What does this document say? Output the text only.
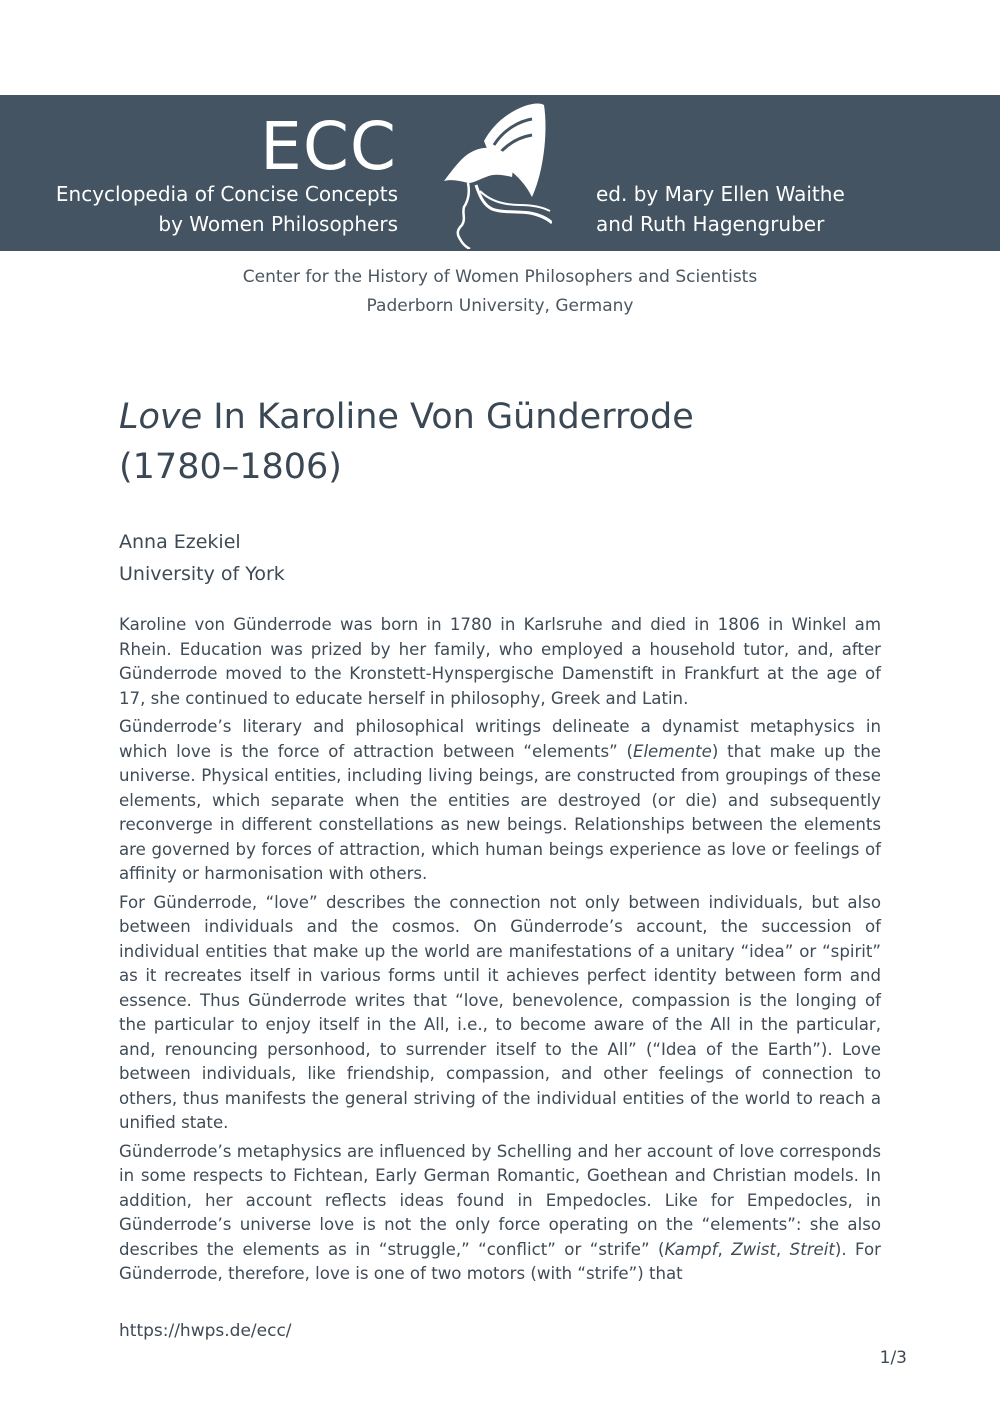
ECC
Encyclopedia of Concise Concepts
by Women Philosophers
ed. by Mary Ellen Waithe
and Ruth Hagengruber
Center for the History of Women Philosophers and Scientists
Paderborn University, Germany
Love In Karoline Von Günderrode
(1780–1806)
Anna Ezekiel
University of York

Karoline von Günderrode was born in 1780 in Karlsruhe and died in 1806 in Winkel am Rhein. Education was prized by her family, who employed a household tutor, and, after Günderrode moved to the Kronstett-Hynspergische Damenstift in Frankfurt at the age of 17, she continued to educate herself in philosophy, Greek and Latin.

Günderrode’s literary and philosophical writings delineate a dynamist metaphysics in which love is the force of attraction between “elements” (Elemente) that make up the universe. Physical entities, including living beings, are constructed from groupings of these elements, which separate when the entities are destroyed (or die) and subsequently reconverge in different constellations as new beings. Relationships between the elements are governed by forces of attraction, which human beings experience as love or feelings of affinity or harmonisation with others.

For Günderrode, “love” describes the connection not only between individuals, but also between individuals and the cosmos. On Günderrode’s account, the succession of individual entities that make up the world are manifestations of a unitary “idea” or “spirit” as it recreates itself in various forms until it achieves perfect identity between form and essence. Thus Günderrode writes that “love, benevolence, compassion is the longing of the particular to enjoy itself in the All, i.e., to become aware of the All in the particular, and, renouncing personhood, to surrender itself to the All” (“Idea of the Earth”). Love between individuals, like friendship, compassion, and other feelings of connection to others, thus manifests the general striving of the individual entities of the world to reach a unified state.

Günderrode’s metaphysics are influenced by Schelling and her account of love corresponds in some respects to Fichtean, Early German Romantic, Goethean and Christian models. In addition, her account reflects ideas found in Empedocles. Like for Empedocles, in Günderrode’s universe love is not the only force operating on the “elements”: she also describes the elements as in “struggle,” “conflict” or “strife” (Kampf, Zwist, Streit). For Günderrode, therefore, love is one of two motors (with “strife”) that

https://hwps.de/ecc/
1/3
